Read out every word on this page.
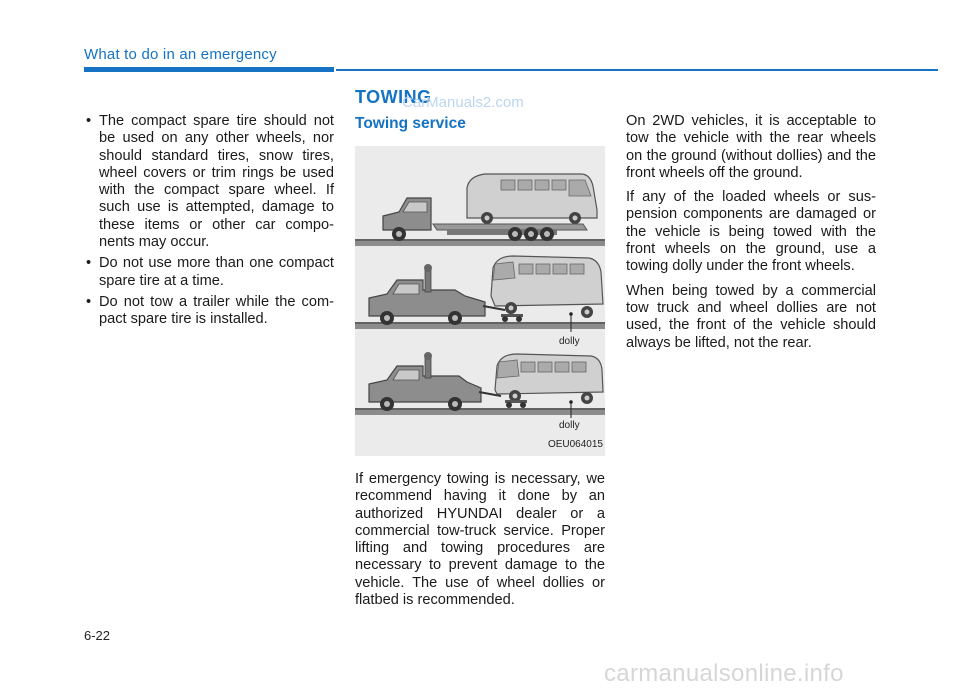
What to do in an emergency
• The compact spare tire should not be used on any other wheels, nor should standard tires, snow tires, wheel covers or trim rings be used with the compact spare wheel. If such use is attempted, damage to these items or other car compo- nents may occur.
• Do not use more than one compact spare tire at a time.
• Do not tow a trailer while the com- pact spare tire is installed.
TOWING
Towing service
dolly
dolly
OEU064015

If emergency towing is necessary, we recommend having it done by an authorized HYUNDAI dealer or a commercial tow-truck service. Proper lifting and towing procedures are necessary to prevent damage to the vehicle. The use of wheel dollies or flatbed is recommended.

On 2WD vehicles, it is acceptable to tow the vehicle with the rear wheels on the ground (without dollies) and the front wheels off the ground.

If any of the loaded wheels or sus- pension components are damaged or the vehicle is being towed with the front wheels on the ground, use a towing dolly under the front wheels.

When being towed by a commercial tow truck and wheel dollies are not used, the front of the vehicle should always be lifted, not the rear.

CarManuals2.com
6-22
carmanualsonline.info
